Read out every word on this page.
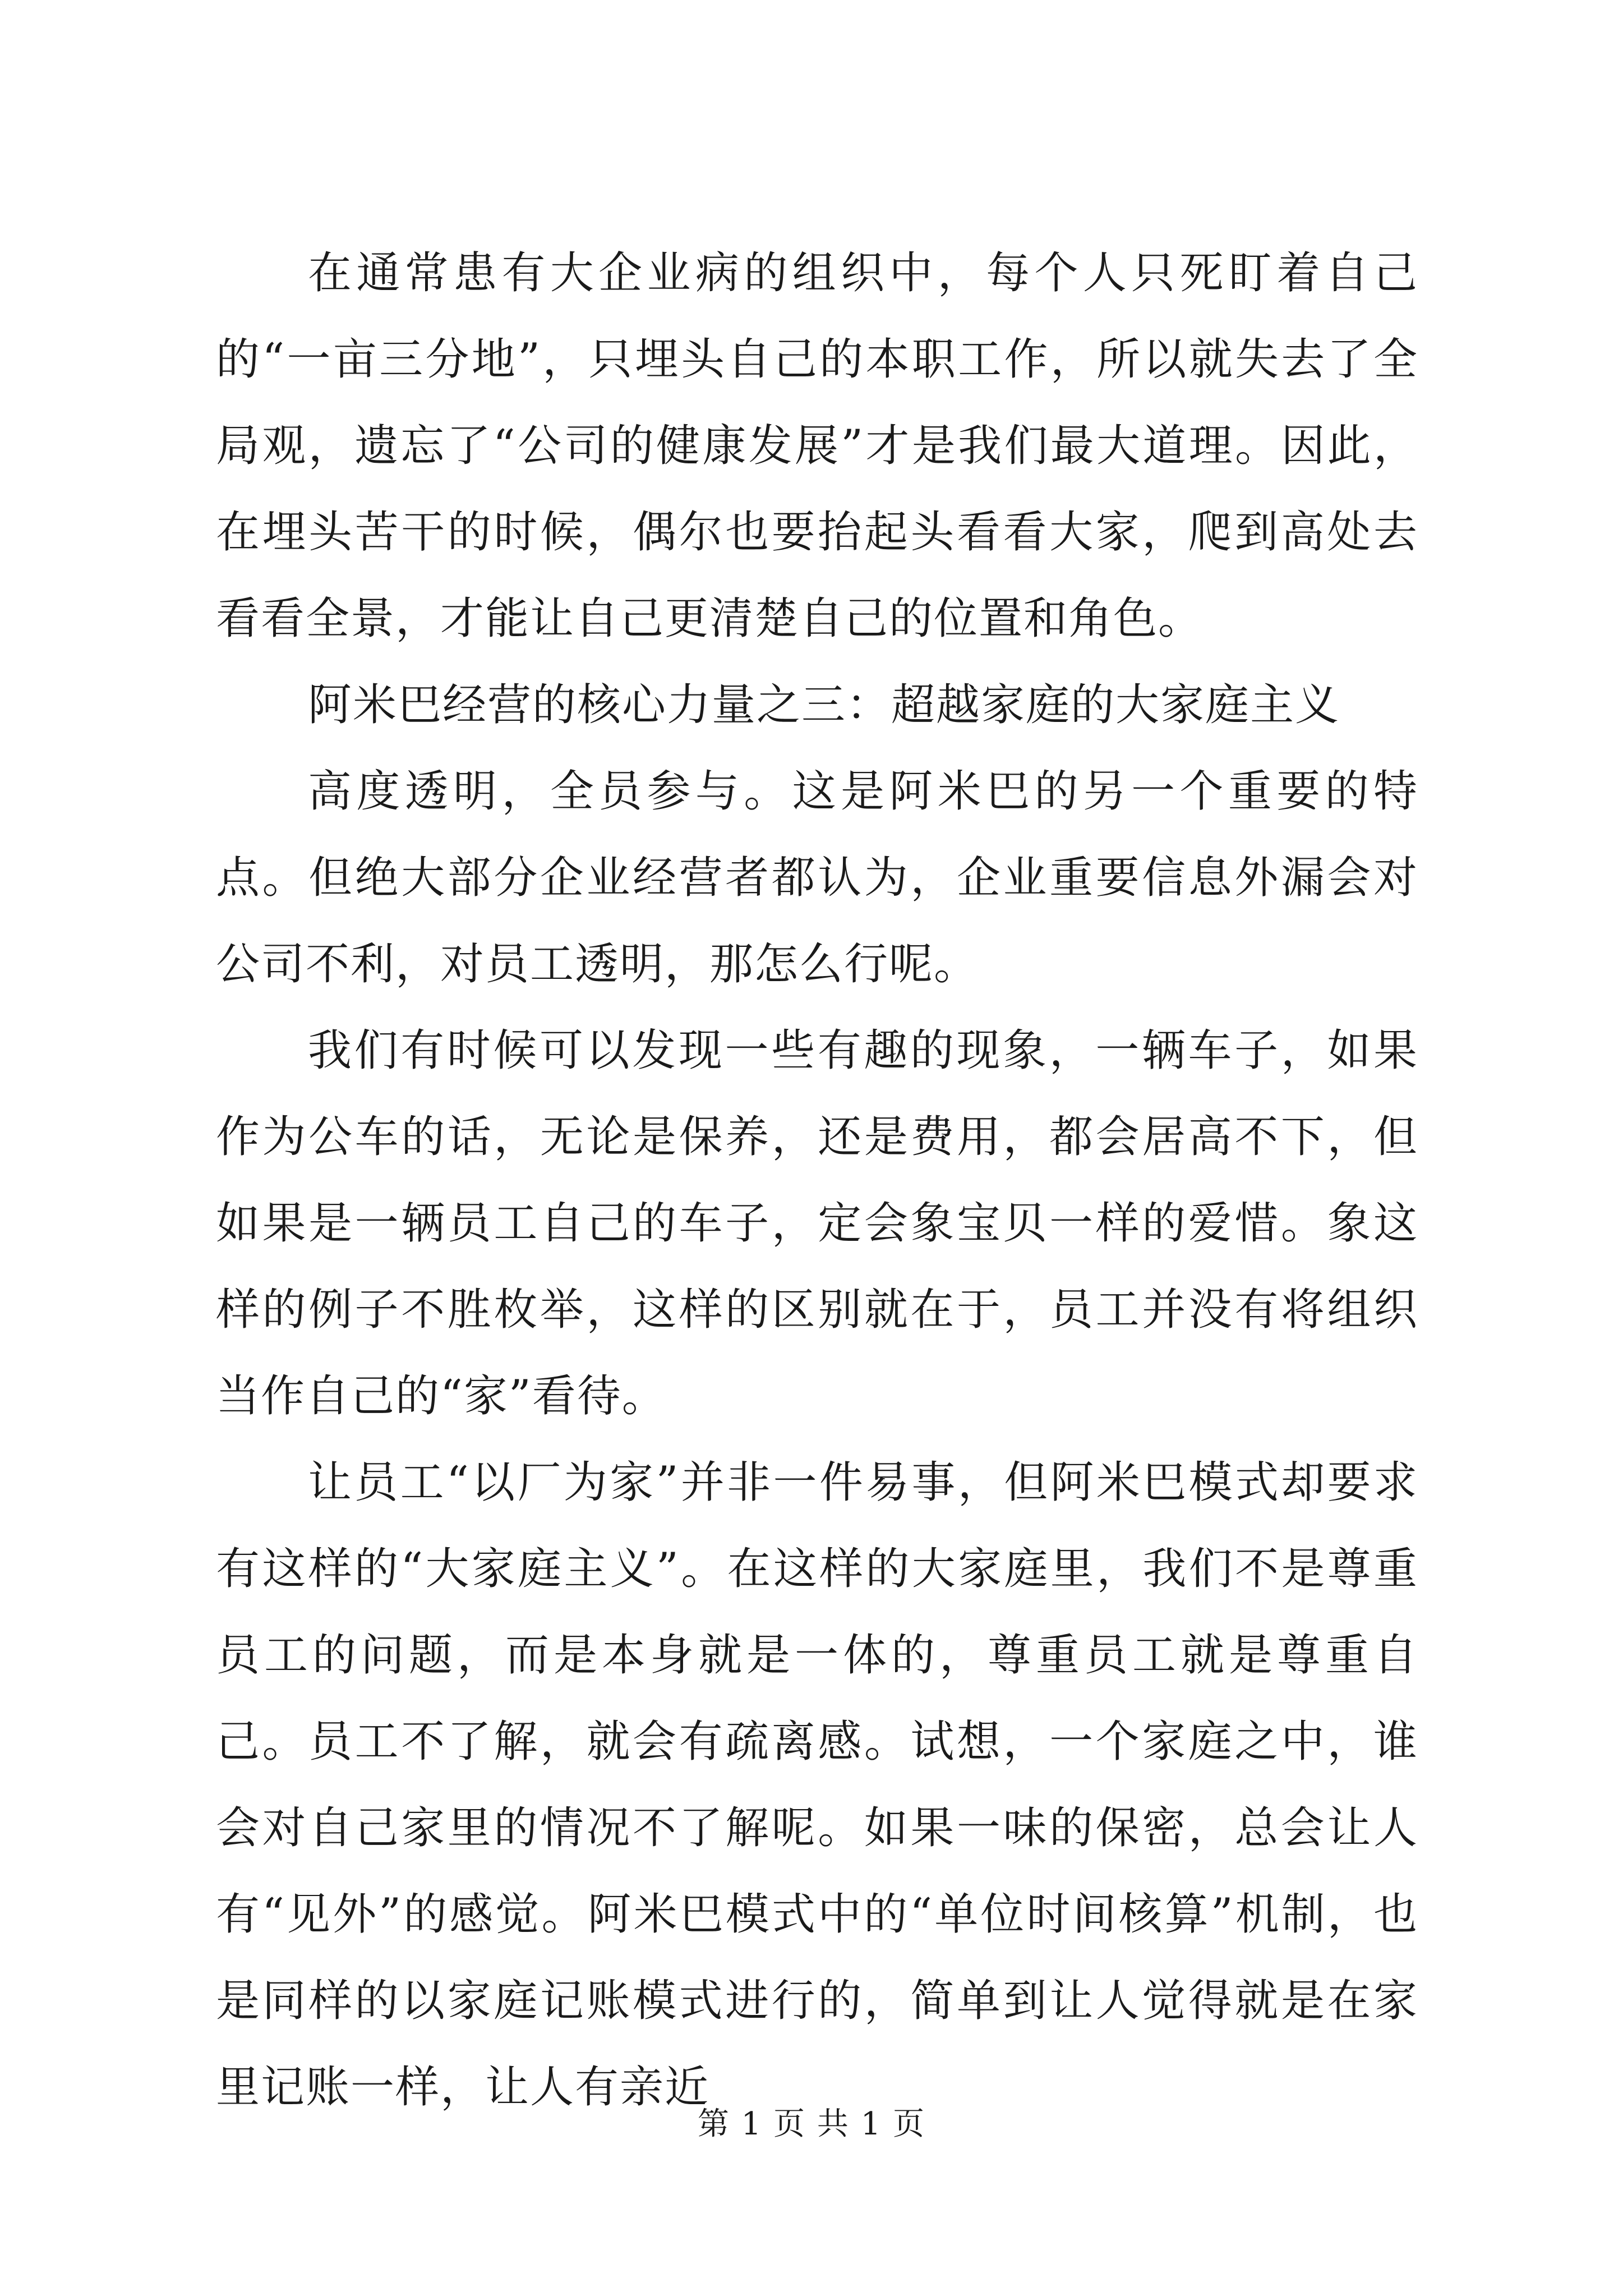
在通常患有大企业病的组织中，每个人只死盯着自己的“一亩三分地”，只埋头自己的本职工作，所以就失去了全局观，遗忘了“公司的健康发展”才是我们最大道理。因此，在埋头苦干的时候，偶尔也要抬起头看看大家，爬到高处去看看全景，才能让自己更清楚自己的位置和角色。

阿米巴经营的核心力量之三：超越家庭的大家庭主义

高度透明，全员参与。这是阿米巴的另一个重要的特点。但绝大部分企业经营者都认为，企业重要信息外漏会对公司不利，对员工透明，那怎么行呢。

我们有时候可以发现一些有趣的现象，一辆车子，如果作为公车的话，无论是保养，还是费用，都会居高不下，但如果是一辆员工自己的车子，定会象宝贝一样的爱惜。象这样的例子不胜枚举，这样的区别就在于，员工并没有将组织当作自己的“家”看待。

让员工“以厂为家”并非一件易事，但阿米巴模式却要求有这样的“大家庭主义”。在这样的大家庭里，我们不是尊重员工的问题，而是本身就是一体的，尊重员工就是尊重自己。员工不了解，就会有疏离感。试想，一个家庭之中，谁会对自己家里的情况不了解呢。如果一味的保密，总会让人有“见外”的感觉。阿米巴模式中的“单位时间核算”机制，也是同样的以家庭记账模式进行的，简单到让人觉得就是在家里记账一样，让人有亲近

第 1 页 共 1 页
